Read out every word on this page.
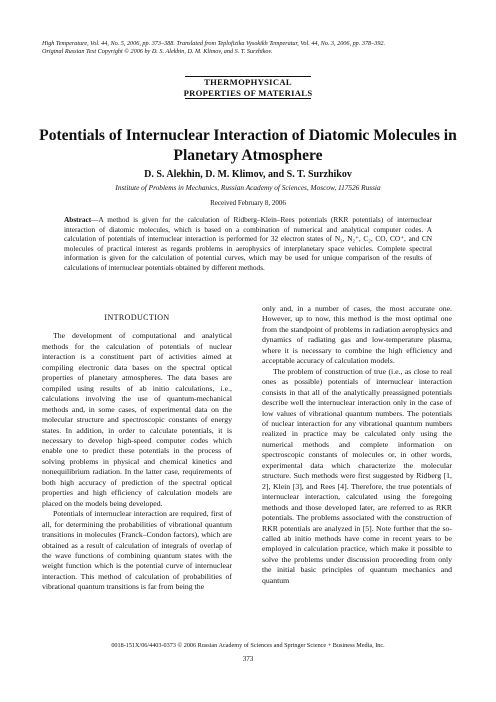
High Temperature, Vol. 44, No. 5, 2006, pp. 373–388. Translated from Teplofizika Vysokikh Temperatur, Vol. 44, No. 3, 2006, pp. 378–392.
Original Russian Text Copyright © 2006 by D. S. Alekhin, D. M. Klimov, and S. T. Surzhikov.
THERMOPHYSICAL
PROPERTIES OF MATERIALS
Potentials of Internuclear Interaction of Diatomic Molecules in Planetary Atmosphere
D. S. Alekhin, D. M. Klimov, and S. T. Surzhikov
Institute of Problems in Mechanics, Russian Academy of Sciences, Moscow, 117526 Russia
Received February 8, 2006
Abstract—A method is given for the calculation of Ridberg–Klein–Rees potentials (RKR potentials) of internuclear interaction of diatomic molecules, which is based on a combination of numerical and analytical computer codes. A calculation of potentials of internuclear interaction is performed for 32 electron states of N₂, N₂⁺, C₂, CO, CO⁺, and CN molecules of practical interest as regards problems in aerophysics of interplanetary space vehicles. Complete spectral information is given for the calculation of potential curves, which may be used for unique comparison of the results of calculations of internuclear potentials obtained by different methods.

INTRODUCTION

The development of computational and analytical methods for the calculation of potentials of nuclear interaction is a constituent part of activities aimed at compiling electronic data bases on the spectral optical properties of planetary atmospheres. The data bases are compiled using results of ab initio calculations, i.e., calculations involving the use of quantum-mechanical methods and, in some cases, of experimental data on the molecular structure and spectroscopic constants of energy states. In addition, in order to calculate potentials, it is necessary to develop high-speed computer codes which enable one to predict these potentials in the process of solving problems in physical and chemical kinetics and nonequilibrium radiation. In the latter case, requirements of both high accuracy of prediction of the spectral optical properties and high efficiency of calculation models are placed on the models being developed.

Potentials of internuclear interaction are required, first of all, for determining the probabilities of vibrational quantum transitions in molecules (Franck–Condon factors), which are obtained as a result of calculation of integrals of overlap of the wave functions of combining quantum states with the weight function which is the potential curve of internuclear interaction. This method of calculation of probabilities of vibrational quantum transitions is far from being the

only and, in a number of cases, the most accurate one. However, up to now, this method is the most optimal one from the standpoint of problems in radiation aerophysics and dynamics of radiating gas and low-temperature plasma, where it is necessary to combine the high efficiency and acceptable accuracy of calculation models.

The problem of construction of true (i.e., as close to real ones as possible) potentials of internuclear interaction consists in that all of the analytically preassigned potentials describe well the internuclear interaction only in the case of low values of vibrational quantum numbers. The potentials of nuclear interaction for any vibrational quantum numbers realized in practice may be calculated only using the numerical methods and complete information on spectroscopic constants of molecules or, in other words, experimental data which characterize the molecular structure. Such methods were first suggested by Ridberg [1, 2], Klein [3], and Rees [4]. Therefore, the true potentials of internuclear interaction, calculated using the foregoing methods and those developed later, are referred to as RKR potentials. The problems associated with the construction of RKR potentials are analyzed in [5]. Note further that the so-called ab initio methods have come in recent years to be employed in calculation practice, which make it possible to solve the problems under discussion proceeding from only the initial basic principles of quantum mechanics and quantum

0018-151X/06/4403-0373 © 2006 Russian Academy of Sciences and Springer Science + Business Media, Inc.
373
